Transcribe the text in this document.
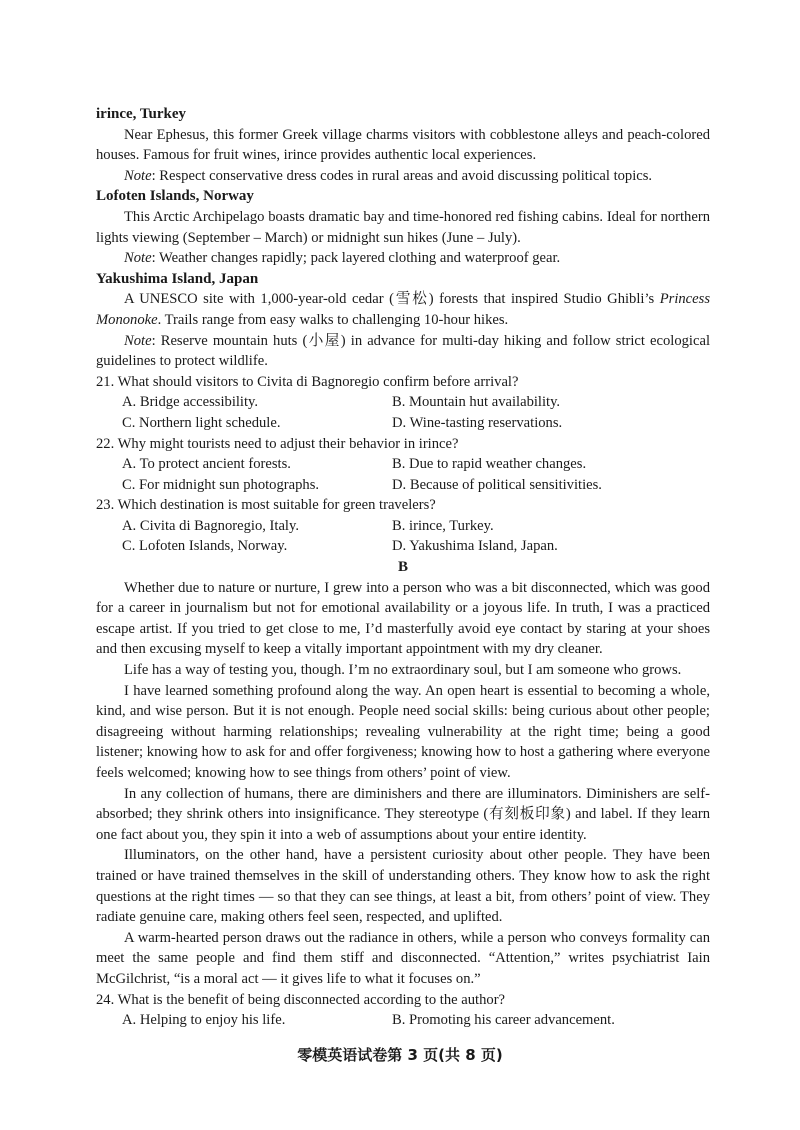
irince, Turkey
Near Ephesus, this former Greek village charms visitors with cobblestone alleys and peach-colored houses. Famous for fruit wines, irince provides authentic local experiences.
Note: Respect conservative dress codes in rural areas and avoid discussing political topics.
Lofoten Islands, Norway
This Arctic Archipelago boasts dramatic bay and time-honored red fishing cabins. Ideal for northern lights viewing (September – March) or midnight sun hikes (June – July).
Note: Weather changes rapidly; pack layered clothing and waterproof gear.
Yakushima Island, Japan
A UNESCO site with 1,000-year-old cedar (雪松) forests that inspired Studio Ghibli’s Princess Mononoke. Trails range from easy walks to challenging 10-hour hikes.
Note: Reserve mountain huts (小屋) in advance for multi-day hiking and follow strict ecological guidelines to protect wildlife.
21. What should visitors to Civita di Bagnoregio confirm before arrival?
A. Bridge accessibility.	B. Mountain hut availability.
C. Northern light schedule.	D. Wine-tasting reservations.
22. Why might tourists need to adjust their behavior in irince?
A. To protect ancient forests.	B. Due to rapid weather changes.
C. For midnight sun photographs.	D. Because of political sensitivities.
23. Which destination is most suitable for green travelers?
A. Civita di Bagnoregio, Italy.	B. irince, Turkey.
C. Lofoten Islands, Norway.	D. Yakushima Island, Japan.
B
Whether due to nature or nurture, I grew into a person who was a bit disconnected, which was good for a career in journalism but not for emotional availability or a joyous life. In truth, I was a practiced escape artist. If you tried to get close to me, I’d masterfully avoid eye contact by staring at your shoes and then excusing myself to keep a vitally important appointment with my dry cleaner.
Life has a way of testing you, though. I’m no extraordinary soul, but I am someone who grows.
I have learned something profound along the way. An open heart is essential to becoming a whole, kind, and wise person. But it is not enough. People need social skills: being curious about other people; disagreeing without harming relationships; revealing vulnerability at the right time; being a good listener; knowing how to ask for and offer forgiveness; knowing how to host a gathering where everyone feels welcomed; knowing how to see things from others’ point of view.
In any collection of humans, there are diminishers and there are illuminators. Diminishers are self-absorbed; they shrink others into insignificance. They stereotype (有刻板印象) and label. If they learn one fact about you, they spin it into a web of assumptions about your entire identity.
Illuminators, on the other hand, have a persistent curiosity about other people. They have been trained or have trained themselves in the skill of understanding others. They know how to ask the right questions at the right times — so that they can see things, at least a bit, from others’ point of view. They radiate genuine care, making others feel seen, respected, and uplifted.
A warm-hearted person draws out the radiance in others, while a person who conveys formality can meet the same people and find them stiff and disconnected. “Attention,” writes psychiatrist Iain McGilchrist, “is a moral act — it gives life to what it focuses on.”
24. What is the benefit of being disconnected according to the author?
A. Helping to enjoy his life.	B. Promoting his career advancement.
零模英语试卷第 3 页(共 8 页)
